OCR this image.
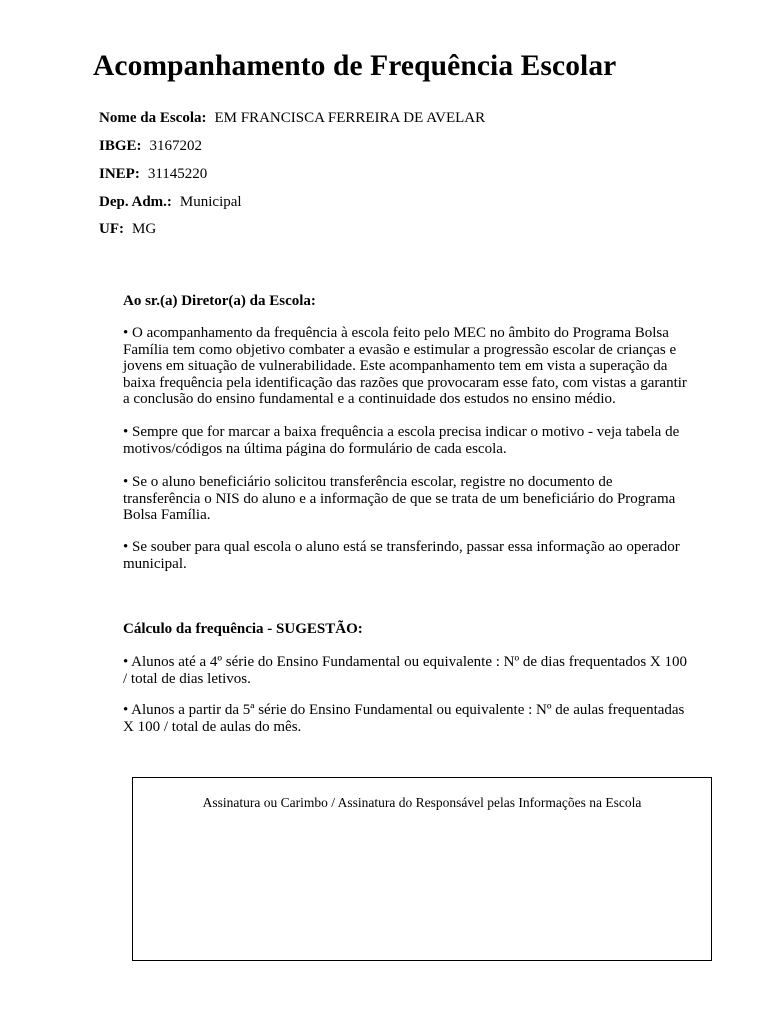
Acompanhamento de Frequência Escolar
Nome da Escola: EM FRANCISCA FERREIRA DE AVELAR
IBGE: 3167202
INEP: 31145220
Dep. Adm.: Municipal
UF: MG
Ao sr.(a) Diretor(a) da Escola:

• O acompanhamento da frequência à escola feito pelo MEC no âmbito do Programa Bolsa
Família tem como objetivo combater a evasão e estimular a progressão escolar de crianças e
jovens em situação de vulnerabilidade. Este acompanhamento tem em vista a superação da
baixa frequência pela identificação das razões que provocaram esse fato, com vistas a garantir
a conclusão do ensino fundamental e a continuidade dos estudos no ensino médio.

• Sempre que for marcar a baixa frequência a escola precisa indicar o motivo - veja tabela de
motivos/códigos na última página do formulário de cada escola.

• Se o aluno beneficiário solicitou transferência escolar, registre no documento de
transferência o NIS do aluno e a informação de que se trata de um beneficiário do Programa
Bolsa Família.

• Se souber para qual escola o aluno está se transferindo, passar essa informação ao operador
municipal.

Cálculo da frequência - SUGESTÃO:

• Alunos até a 4º série do Ensino Fundamental ou equivalente : Nº de dias frequentados X 100
/ total de dias letivos.

• Alunos a partir da 5ª série do Ensino Fundamental ou equivalente : Nº de aulas frequentadas
X 100 / total de aulas do mês.

Assinatura ou Carimbo / Assinatura do Responsável pelas Informações na Escola
